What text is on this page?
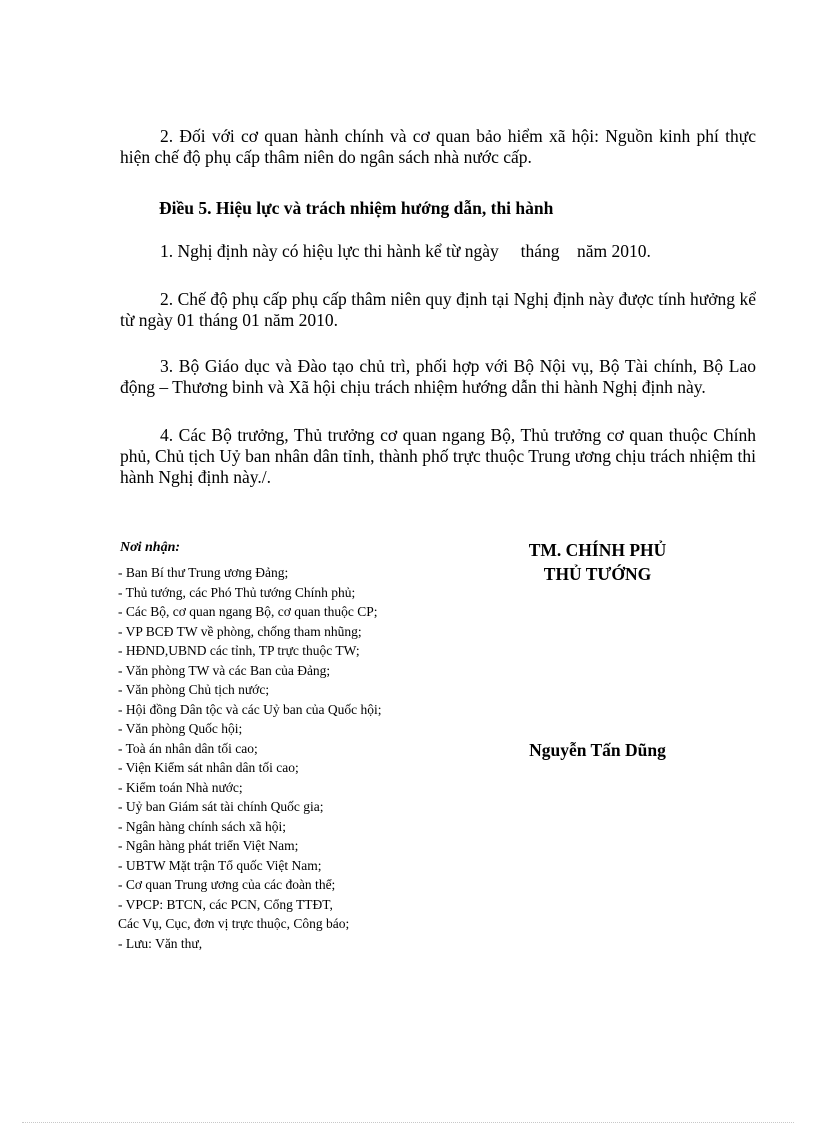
2. Đối với cơ quan hành chính và cơ quan bảo hiểm xã hội: Nguồn kinh phí thực hiện chế độ phụ cấp thâm niên do ngân sách nhà nước cấp.

Điều 5. Hiệu lực và trách nhiệm hướng dẫn, thi hành

1. Nghị định này có hiệu lực thi hành kể từ ngày     tháng    năm 2010.

2. Chế độ phụ cấp phụ cấp thâm niên quy định tại Nghị định này được tính hưởng kể từ ngày 01 tháng 01 năm 2010.

3. Bộ Giáo dục và Đào tạo chủ trì, phối hợp với Bộ Nội vụ, Bộ Tài chính, Bộ Lao động – Thương binh và Xã hội chịu trách nhiệm hướng dẫn thi hành Nghị định này.

4. Các Bộ trưởng, Thủ trưởng cơ quan ngang Bộ, Thủ trưởng cơ quan thuộc Chính phủ, Chủ tịch Uỷ ban nhân dân tỉnh, thành phố trực thuộc Trung ương chịu trách nhiệm thi hành Nghị định này./.

Nơi nhận:
- Ban Bí thư Trung ương Đảng;
- Thủ tướng, các Phó Thủ tướng Chính phủ;
- Các Bộ, cơ quan ngang Bộ, cơ quan thuộc CP;
- VP BCĐ TW về phòng, chống tham nhũng;
- HĐND,UBND các tỉnh, TP trực thuộc TW;
- Văn phòng TW và các Ban của Đảng;
- Văn phòng Chủ tịch nước;
- Hội đồng Dân tộc và các Uỷ ban của Quốc hội;
- Văn phòng Quốc hội;
- Toà án nhân dân tối cao;
- Viện Kiểm sát nhân dân tối cao;
- Kiểm toán Nhà nước;
- Uỷ ban Giám sát tài chính Quốc gia;
- Ngân hàng chính sách xã hội;
- Ngân hàng phát triển Việt Nam;
- UBTW Mặt trận Tổ quốc Việt Nam;
- Cơ quan Trung ương của các đoàn thể;
- VPCP: BTCN, các PCN, Cổng TTĐT,
Các Vụ, Cục, đơn vị trực thuộc, Công báo;
- Lưu: Văn thư,
TM. CHÍNH PHỦ
THỦ TƯỚNG
Nguyễn Tấn Dũng
